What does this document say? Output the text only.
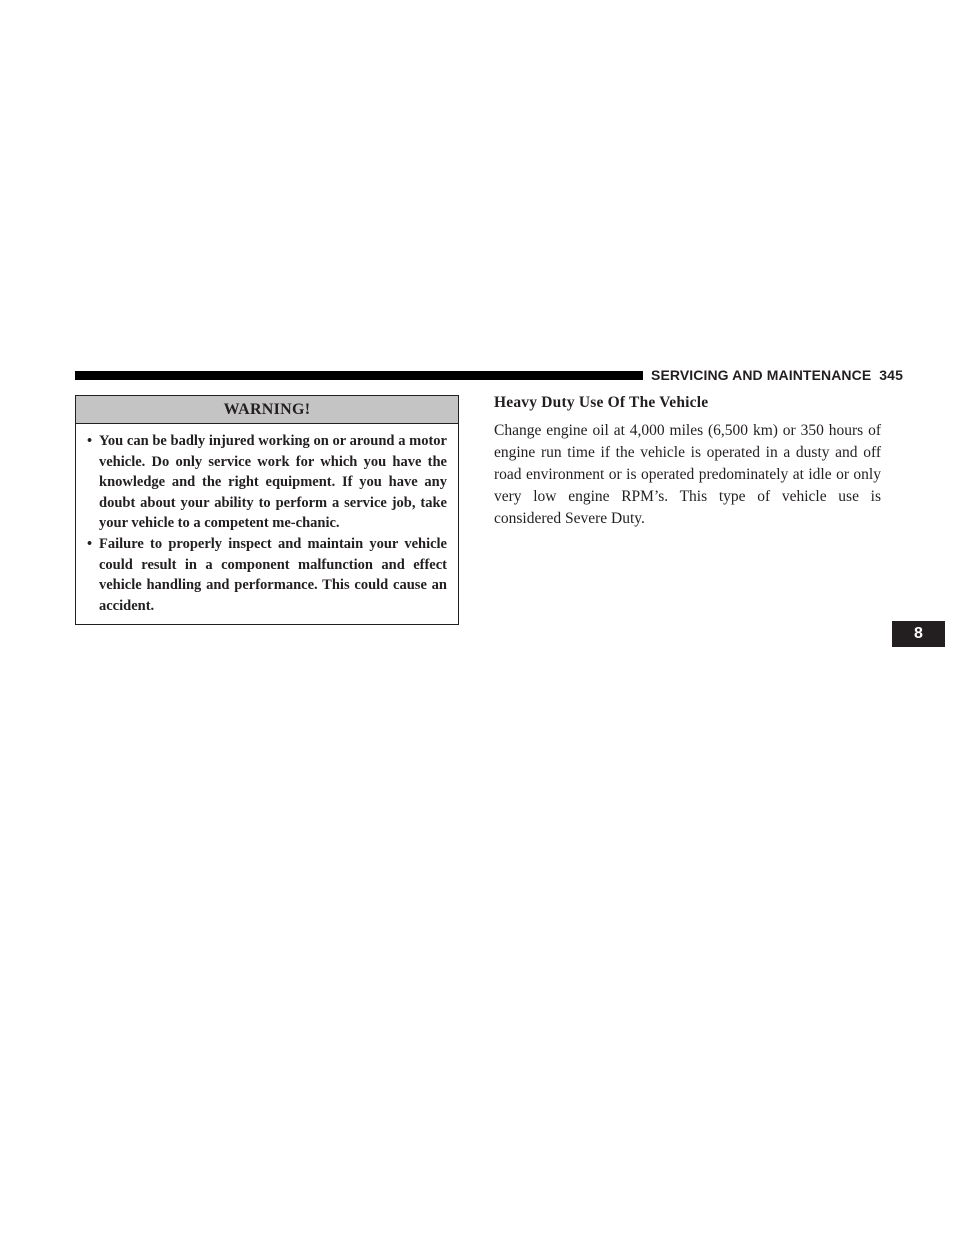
SERVICING AND MAINTENANCE 345
WARNING!
• You can be badly injured working on or around a motor vehicle. Do only service work for which you have the knowledge and the right equipment. If you have any doubt about your ability to perform a service job, take your vehicle to a competent me-chanic.
• Failure to properly inspect and maintain your vehicle could result in a component malfunction and effect vehicle handling and performance. This could cause an accident.
Heavy Duty Use Of The Vehicle

Change engine oil at 4,000 miles (6,500 km) or 350 hours of engine run time if the vehicle is operated in a dusty and off road environment or is operated predominately at idle or only very low engine RPM’s. This type of vehicle use is considered Severe Duty.

8
